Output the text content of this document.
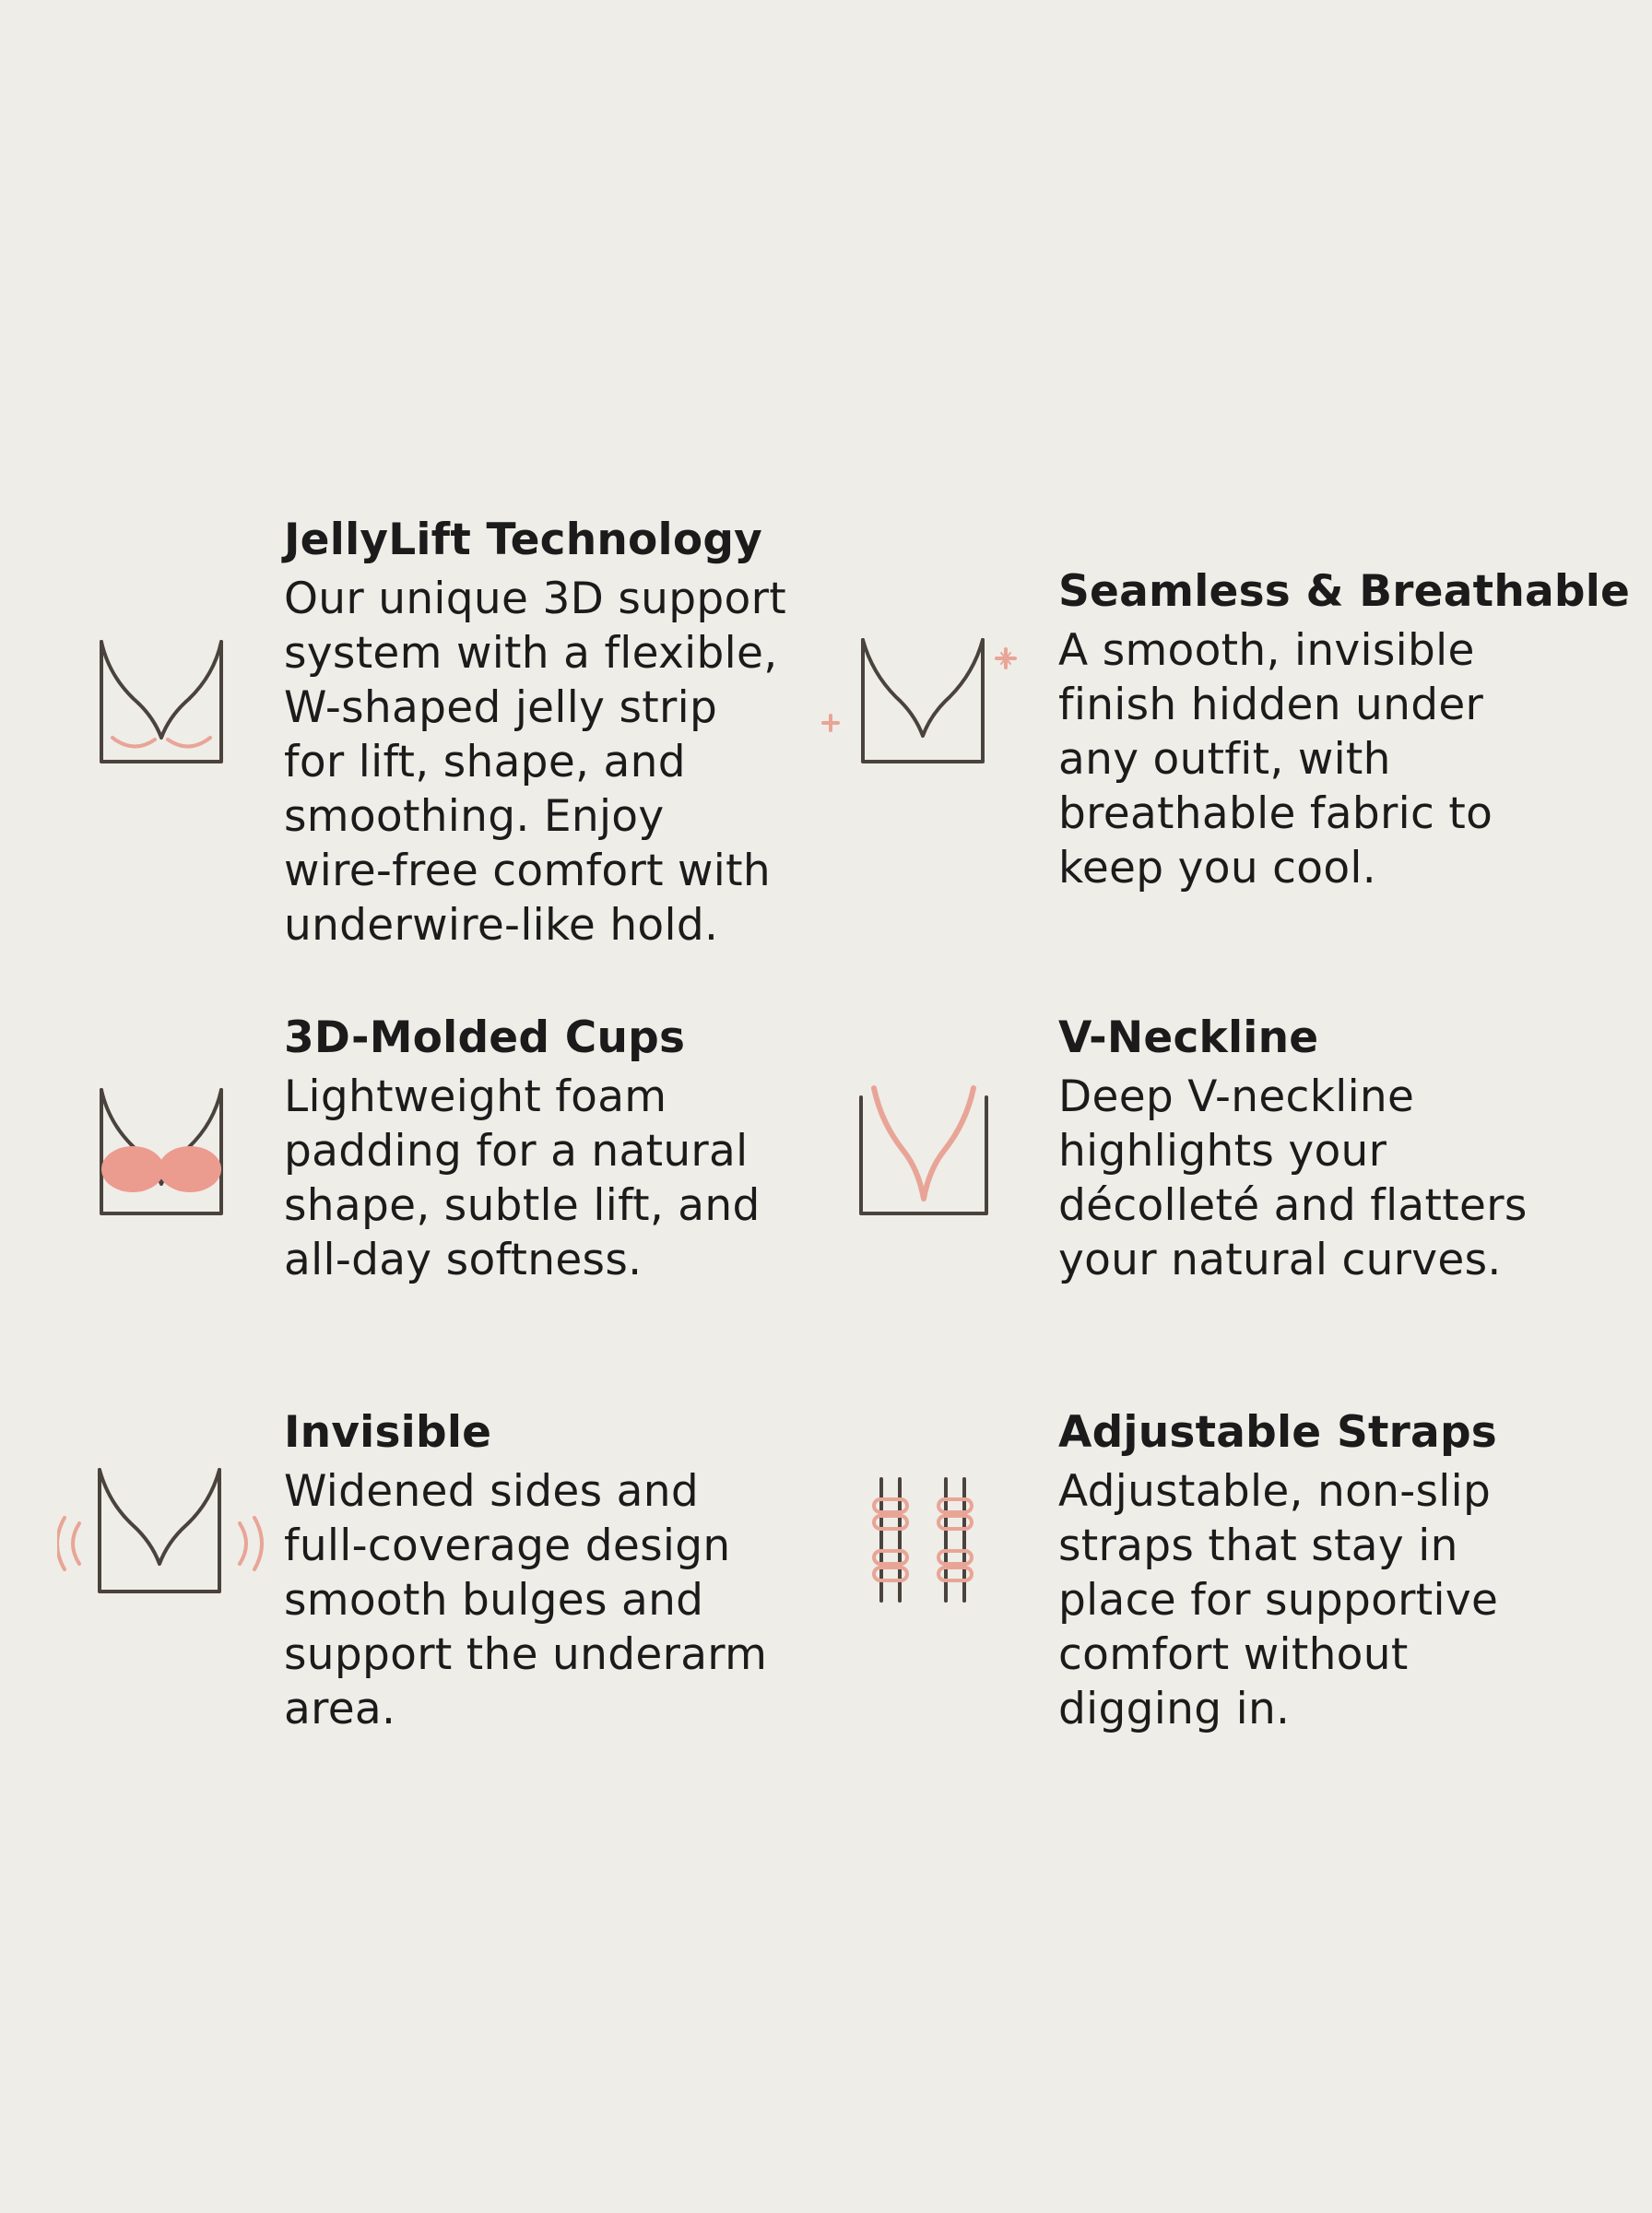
JellyLift Technology

Our unique 3D support
system with a flexible,
W-shaped jelly strip
for lift, shape, and
smoothing. Enjoy
wire-free comfort with
underwire-like hold.

Seamless & Breathable

A smooth, invisible
finish hidden under
any outfit, with
breathable fabric to
keep you cool.

3D-Molded Cups

Lightweight foam
padding for a natural
shape, subtle lift, and
all-day softness.

V-Neckline

Deep V-neckline
highlights your
décolleté and flatters
your natural curves.

Invisible

Widened sides and
full-coverage design
smooth bulges and
support the underarm
area.

Adjustable Straps

Adjustable, non-slip
straps that stay in
place for supportive
comfort without
digging in.
